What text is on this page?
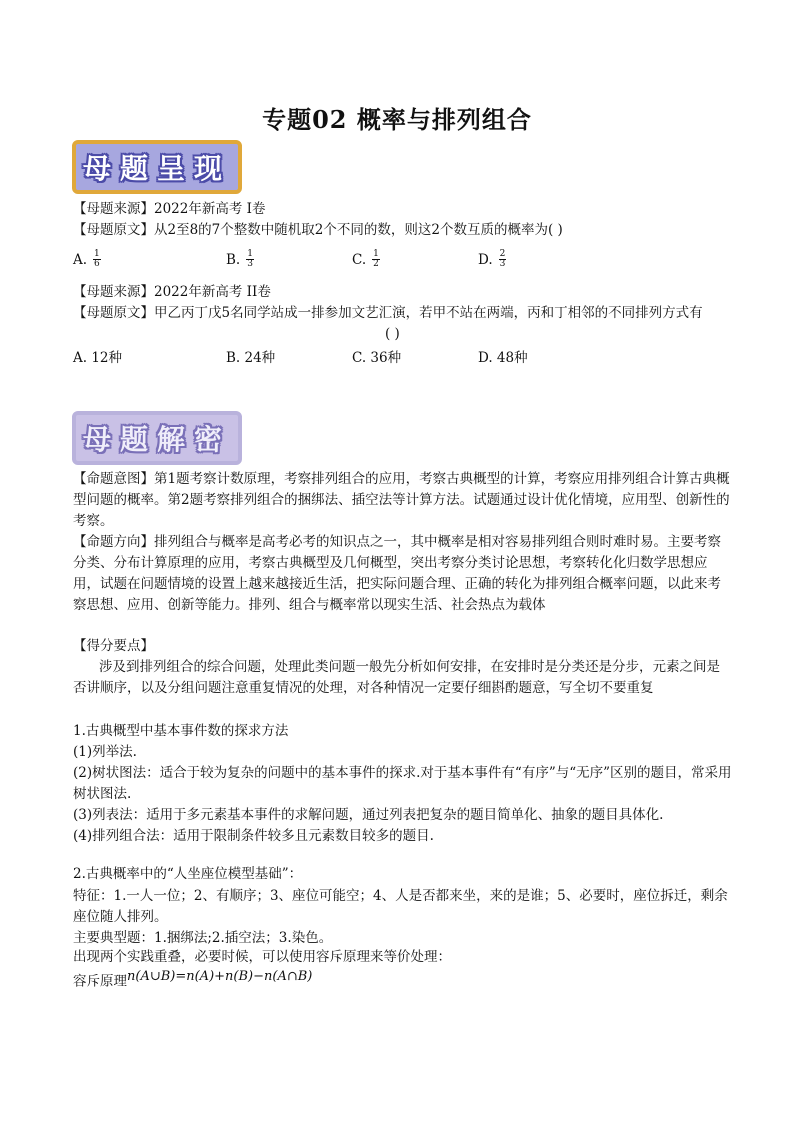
专题02 概率与排列组合
母题呈现
【母题来源】2022年新高考 I卷
【母题原文】从2至8的7个整数中随机取2个不同的数，则这2个数互质的概率为( )
A. $\frac{1}{6}$	B. $\frac{1}{3}$	C. $\frac{1}{2}$	D. $\frac{2}{3}$
【母题来源】2022年新高考 II卷
【母题原文】甲乙丙丁戊5名同学站成一排参加文艺汇演，若甲不站在两端，丙和丁相邻的不同排列方式有
( )
A. 12种	B. 24种	C. 36种	D. 48种
母题解密
【命题意图】第1题考察计数原理，考察排列组合的应用，考察古典概型的计算，考察应用排列组合计算古典概型问题的概率。第2题考察排列组合的捆绑法、插空法等计算方法。试题通过设计优化情境，应用型、创新性的考察。
【命题方向】排列组合与概率是高考必考的知识点之一，其中概率是相对容易排列组合则时难时易。主要考察分类、分布计算原理的应用，考察古典概型及几何概型，突出考察分类讨论思想，考察转化化归数学思想应用，试题在问题情境的设置上越来越接近生活，把实际问题合理、正确的转化为排列组合概率问题，以此来考察思想、应用、创新等能力。排列、组合与概率常以现实生活、社会热点为载体
【得分要点】
涉及到排列组合的综合问题，处理此类问题一般先分析如何安排，在安排时是分类还是分步，元素之间是否讲顺序，以及分组问题注意重复情况的处理，对各种情况一定要仔细斟酌题意，写全切不要重复
1.古典概型中基本事件数的探求方法
(1)列举法.
(2)树状图法：适合于较为复杂的问题中的基本事件的探求.对于基本事件有“有序”与“无序”区别的题目，常采用树状图法.
(3)列表法：适用于多元素基本事件的求解问题，通过列表把复杂的题目简单化、抽象的题目具体化.
(4)排列组合法：适用于限制条件较多且元素数目较多的题目.
2.古典概率中的“人坐座位模型基础”：
特征：1.一人一位；2、有顺序；3、座位可能空；4、人是否都来坐，来的是谁；5、必要时，座位拆迁，剩余座位随人排列。
主要典型题：1.捆绑法;2.插空法；3.染色。
出现两个实践重叠，必要时候，可以使用容斥原理来等价处理：
容斥原理n(A∪B)=n(A)+n(B)−n(A∩B)
